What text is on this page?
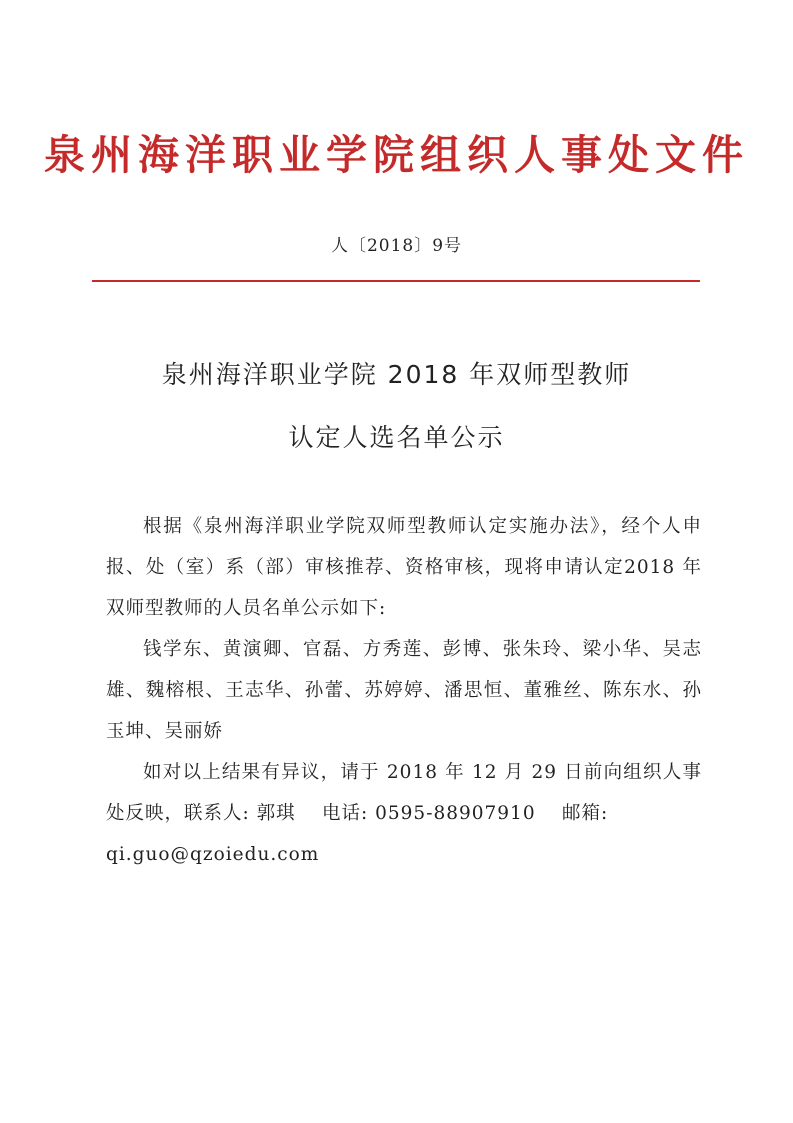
泉州海洋职业学院组织人事处文件
人〔2018〕9号
泉州海洋职业学院 2018 年双师型教师
认定人选名单公示
根据《泉州海洋职业学院双师型教师认定实施办法》，经个人申报、处（室）系（部）审核推荐、资格审核，现将申请认定2018 年双师型教师的人员名单公示如下:
钱学东、黄演卿、官磊、方秀莲、彭博、张朱玲、梁小华、吴志雄、魏榕根、王志华、孙蕾、苏婷婷、潘思恒、董雅丝、陈东水、孙玉坤、吴丽娇
如对以上结果有异议，请于 2018 年 12 月 29 日前向组织人事处反映，联系人: 郭琪　 电话: 0595-88907910　 邮箱:
qi.guo@qzoiedu.com
